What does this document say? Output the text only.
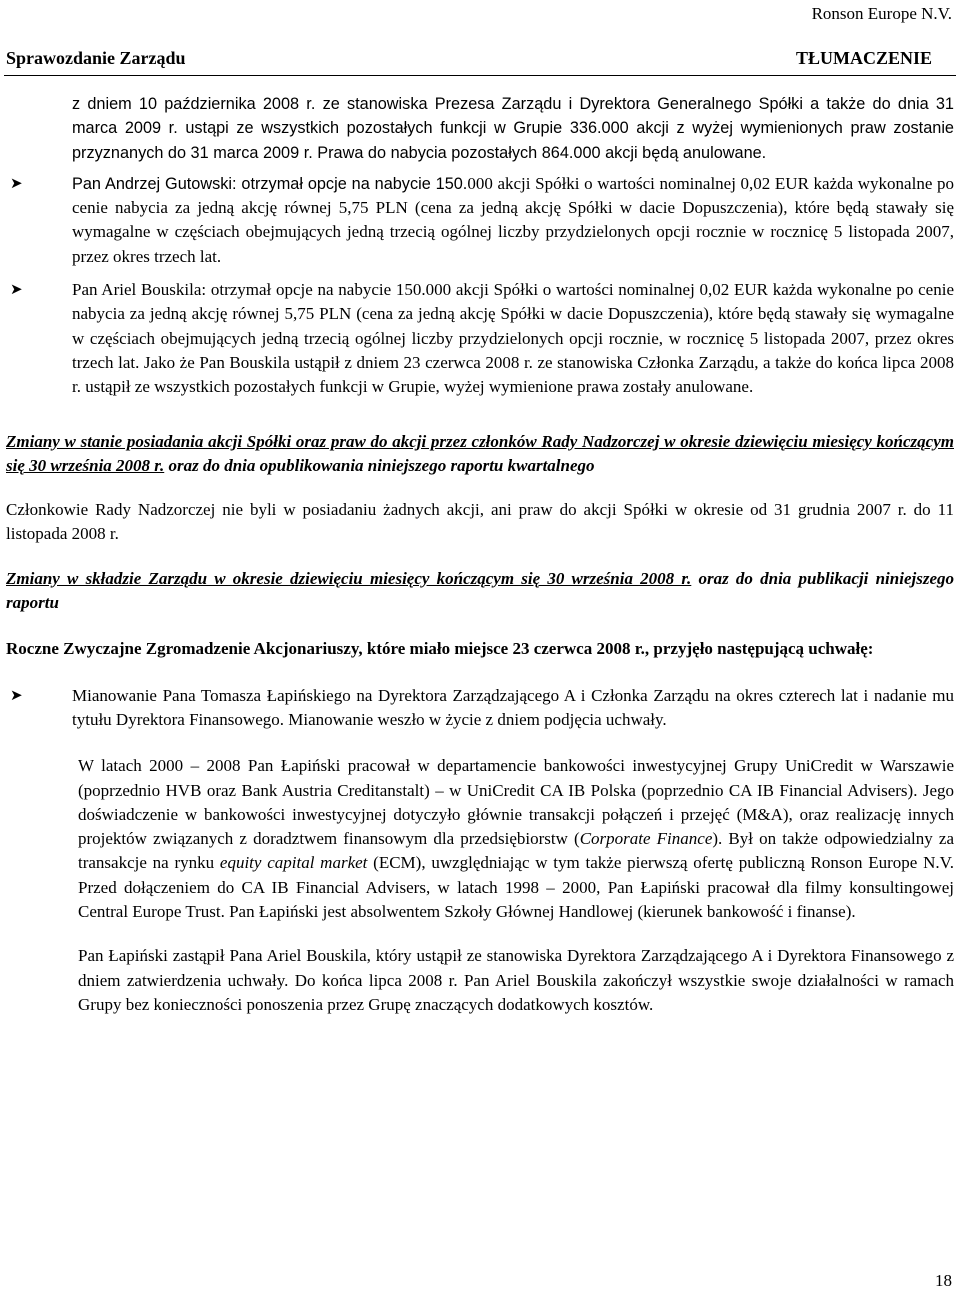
Ronson Europe N.V.
Sprawozdanie Zarządu	TŁUMACZENIE

z dniem 10 października 2008 r. ze stanowiska Prezesa Zarządu i Dyrektora Generalnego Spółki a także do dnia 31 marca 2009 r. ustąpi ze wszystkich pozostałych funkcji w Grupie 336.000 akcji z wyżej wymienionych praw zostanie przyznanych do 31 marca 2009 r. Prawa do nabycia pozostałych 864.000 akcji będą anulowane.

➤	Pan Andrzej Gutowski: otrzymał opcje na nabycie 150.000 akcji Spółki o wartości nominalnej 0,02 EUR każda wykonalne po cenie nabycia za jedną akcję równej 5,75 PLN (cena za jedną akcję Spółki w dacie Dopuszczenia), które będą stawały się wymagalne w częściach obejmujących jedną trzecią ogólnej liczby przydzielonych opcji rocznie w rocznicę 5 listopada 2007, przez okres trzech lat.

➤	Pan Ariel Bouskila: otrzymał opcje na nabycie 150.000 akcji Spółki o wartości nominalnej 0,02 EUR każda wykonalne po cenie nabycia za jedną akcję równej 5,75 PLN (cena za jedną akcję Spółki w dacie Dopuszczenia), które będą stawały się wymagalne w częściach obejmujących jedną trzecią ogólnej liczby przydzielonych opcji rocznie, w rocznicę 5 listopada 2007, przez okres trzech lat. Jako że Pan Bouskila ustąpił z dniem 23 czerwca 2008 r. ze stanowiska Członka Zarządu, a także do końca lipca 2008 r. ustąpił ze wszystkich pozostałych funkcji w Grupie, wyżej wymienione prawa zostały anulowane.

Zmiany w stanie posiadania akcji Spółki oraz praw do akcji przez członków Rady Nadzorczej w okresie dziewięciu miesięcy kończącym się 30 września 2008 r. oraz do dnia opublikowania niniejszego raportu kwartalnego

Członkowie Rady Nadzorczej nie byli w posiadaniu żadnych akcji, ani praw do akcji Spółki w okresie od 31 grudnia 2007 r. do 11 listopada 2008 r.

Zmiany w składzie Zarządu w okresie dziewięciu miesięcy kończącym się 30 września 2008 r. oraz do dnia publikacji niniejszego raportu

Roczne Zwyczajne Zgromadzenie Akcjonariuszy, które miało miejsce 23 czerwca 2008 r., przyjęło następującą uchwałę:

➤	Mianowanie Pana Tomasza Łapińskiego na Dyrektora Zarządzającego A i Członka Zarządu na okres czterech lat i nadanie mu tytułu Dyrektora Finansowego. Mianowanie weszło w życie z dniem podjęcia uchwały.

W latach 2000 – 2008 Pan Łapiński pracował w departamencie bankowości inwestycyjnej Grupy UniCredit w Warszawie (poprzednio HVB oraz Bank Austria Creditanstalt) – w UniCredit CA IB Polska (poprzednio CA IB Financial Advisers). Jego doświadczenie w bankowości inwestycyjnej dotyczyło głównie transakcji połączeń i przejęć (M&A), oraz realizację innych projektów związanych z doradztwem finansowym dla przedsiębiorstw (Corporate Finance). Był on także odpowiedzialny za transakcje na rynku equity capital market (ECM), uwzględniając w tym także pierwszą ofertę publiczną Ronson Europe N.V. Przed dołączeniem do CA IB Financial Advisers, w latach 1998 – 2000, Pan Łapiński pracował dla filmy konsultingowej Central Europe Trust. Pan Łapiński jest absolwentem Szkoły Głównej Handlowej (kierunek bankowość i finanse).

Pan Łapiński zastąpił Pana Ariel Bouskila, który ustąpił ze stanowiska Dyrektora Zarządzającego A i Dyrektora Finansowego z dniem zatwierdzenia uchwały. Do końca lipca 2008 r. Pan Ariel Bouskila zakończył wszystkie swoje działalności w ramach Grupy bez konieczności ponoszenia przez Grupę znaczących dodatkowych kosztów.

18
